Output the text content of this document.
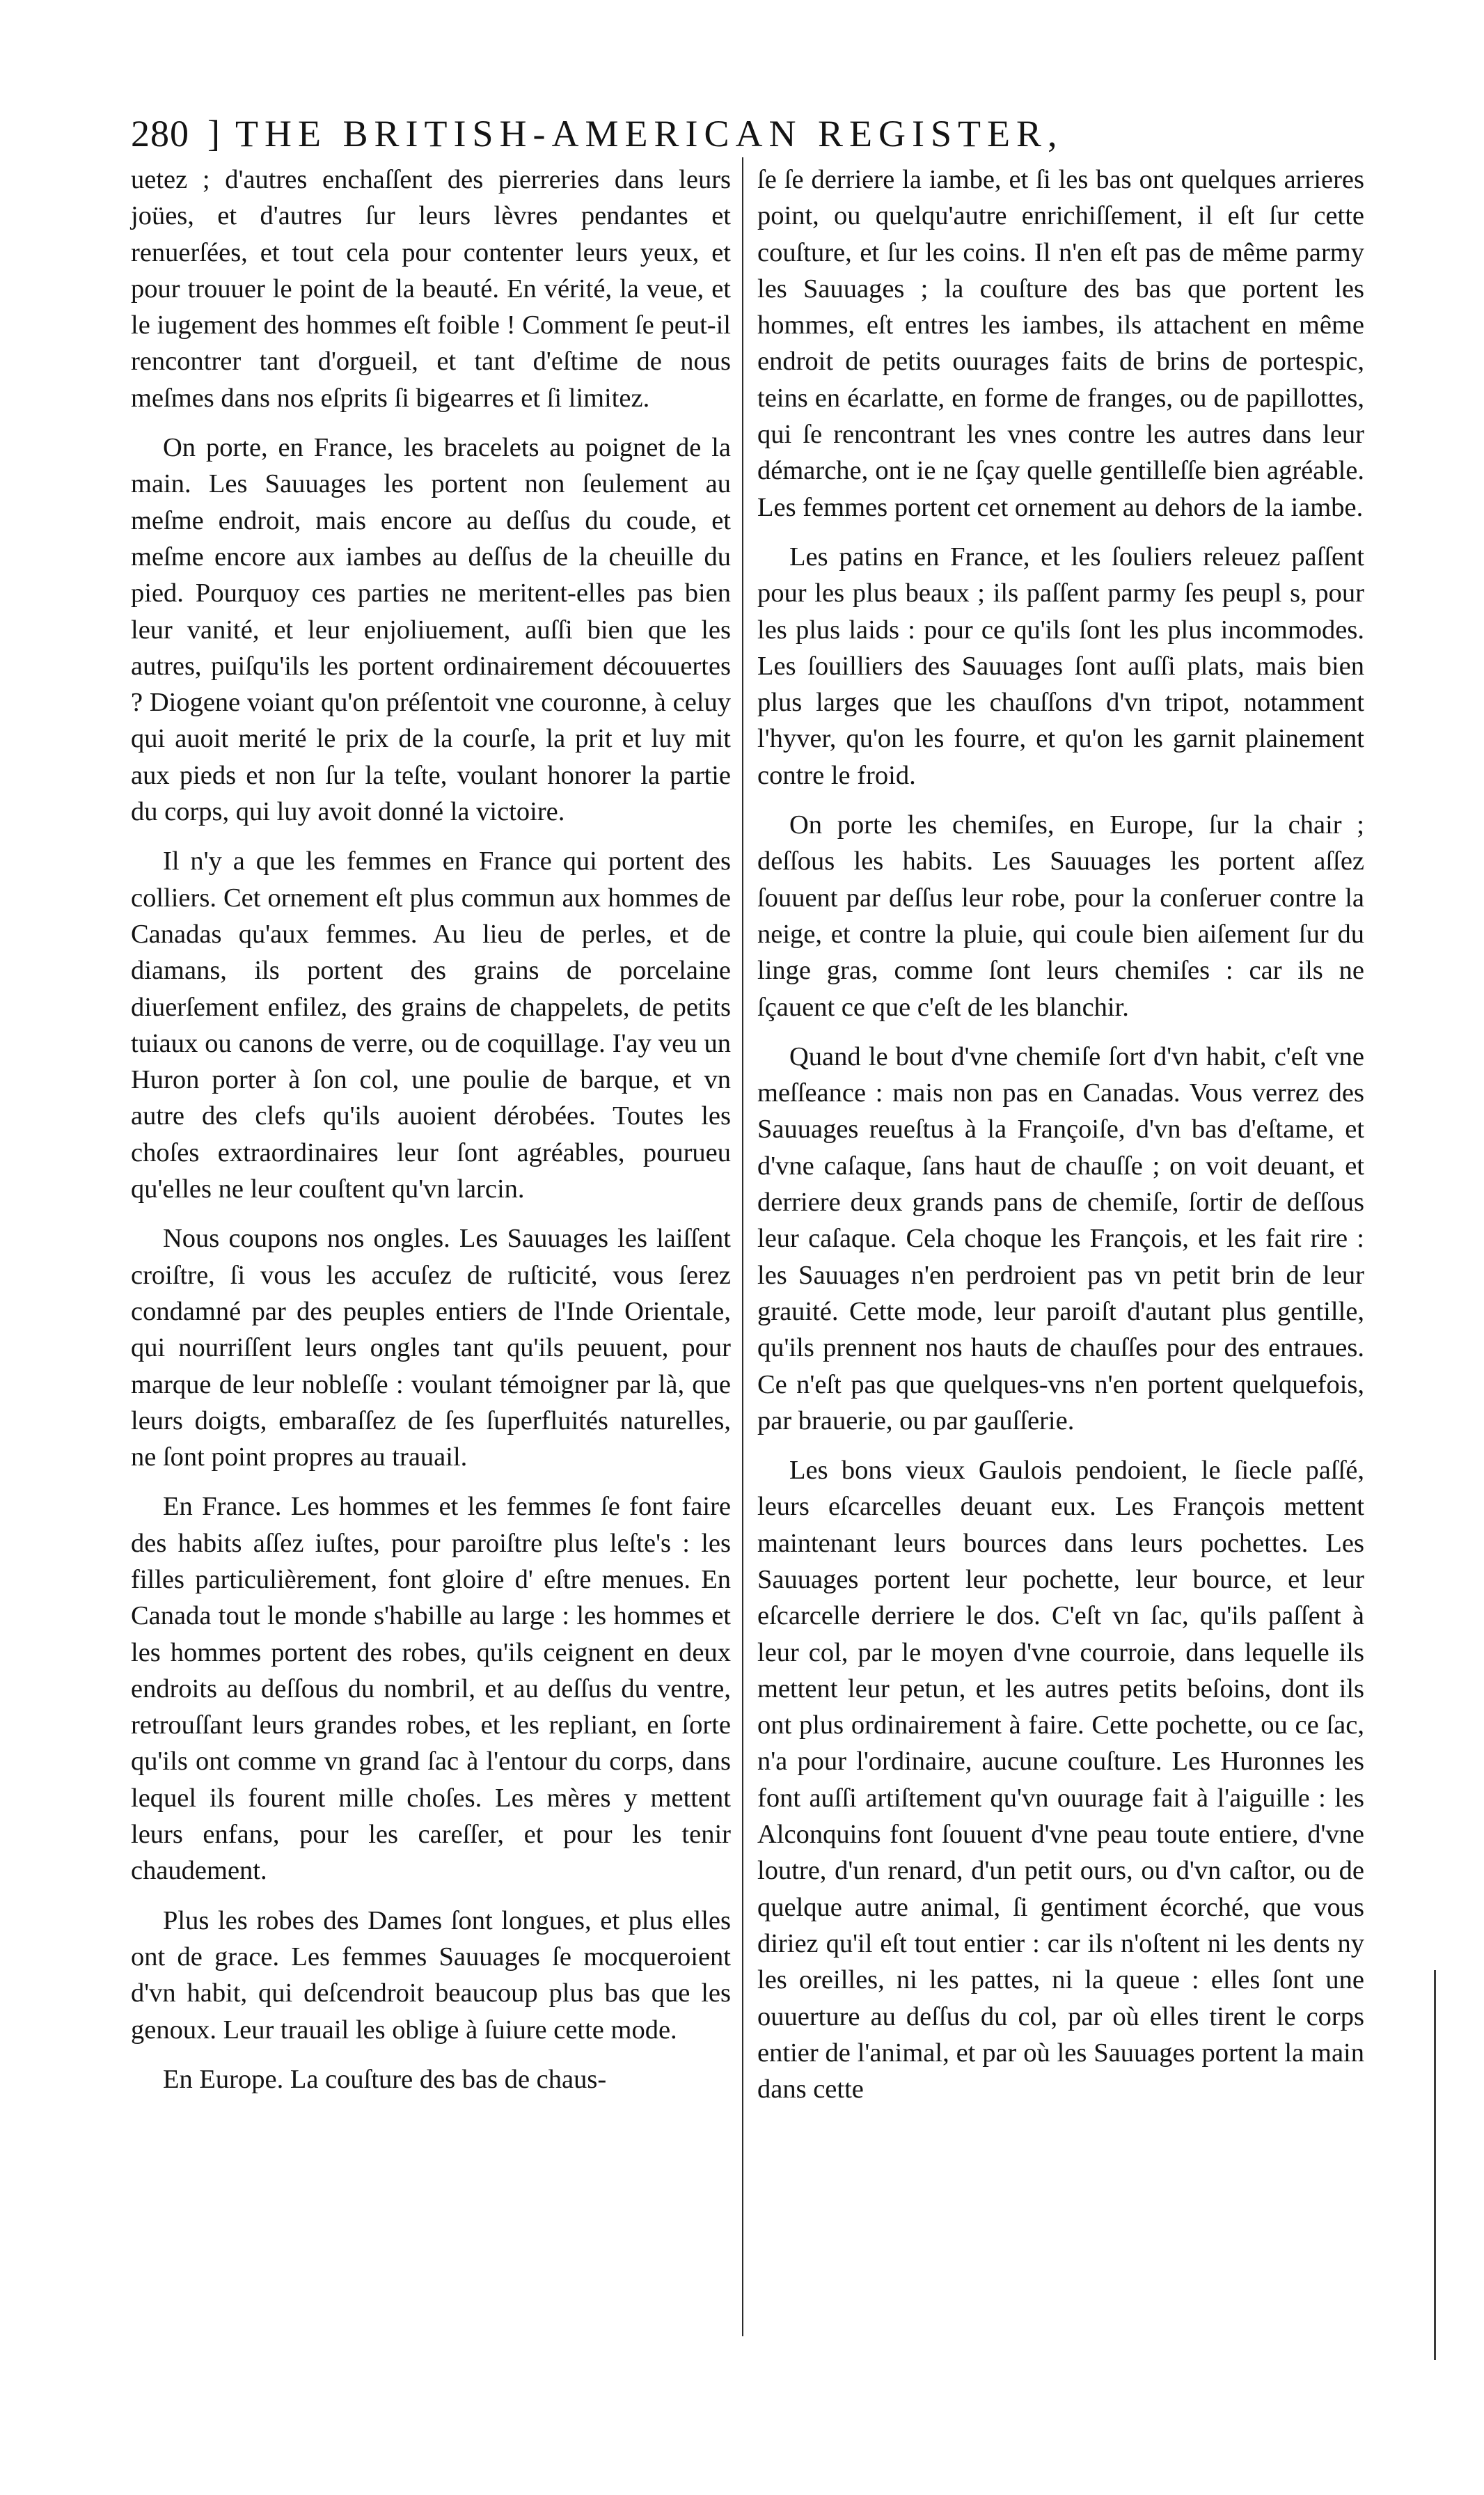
280 ] THE BRITISH-AMERICAN REGISTER,

uetez ; d'autres enchaſſent des pierreries dans leurs joües, et d'autres ſur leurs lèvres pendantes et renuerſées, et tout cela pour contenter leurs yeux, et pour trouuer le point de la beauté. En vérité, la veue, et le iugement des hommes eſt foible ! Comment ſe peut-il rencontrer tant d'orgueil, et tant d'eſtime de nous meſmes dans nos eſprits ſi bigearres et ſi limitez.

On porte, en France, les bracelets au poignet de la main. Les Sauuages les portent non ſeulement au meſme endroit, mais encore au deſſus du coude, et meſme encore aux iambes au deſſus de la cheuille du pied. Pourquoy ces parties ne meritent-elles pas bien leur vanité, et leur enjoliuement, auſſi bien que les autres, puiſqu'ils les portent ordinairement découuertes ? Diogene voiant qu'on préſentoit vne couronne, à celuy qui auoit merité le prix de la courſe, la prit et luy mit aux pieds et non ſur la teſte, voulant honorer la partie du corps, qui luy avoit donné la victoire.

Il n'y a que les femmes en France qui portent des colliers. Cet ornement eſt plus commun aux hommes de Canadas qu'aux femmes. Au lieu de perles, et de diamans, ils portent des grains de porcelaine diuerſement enfilez, des grains de chappelets, de petits tuiaux ou canons de verre, ou de coquillage. I'ay veu un Huron porter à ſon col, une poulie de barque, et vn autre des clefs qu'ils auoient dérobées. Toutes les choſes extraordinaires leur ſont agréables, pourueu qu'elles ne leur couſtent qu'vn larcin.

Nous coupons nos ongles. Les Sauuages les laiſſent croiſtre, ſi vous les accuſez de ruſticité, vous ſerez condamné par des peuples entiers de l'Inde Orientale, qui nourriſſent leurs ongles tant qu'ils peuuent, pour marque de leur nobleſſe : voulant témoigner par là, que leurs doigts, embaraſſez de ſes ſuperfluités naturelles, ne ſont point propres au trauail.

En France. Les hommes et les femmes ſe font faire des habits aſſez iuſtes, pour paroiſtre plus leſte's : les filles particulièrement, font gloire d' eſtre menues. En Canada tout le monde s'habille au large : les hommes et les hommes portent des robes, qu'ils ceignent en deux endroits au deſſous du nombril, et au deſſus du ventre, retrouſſant leurs grandes robes, et les repliant, en ſorte qu'ils ont comme vn grand ſac à l'entour du corps, dans lequel ils fourent mille choſes. Les mères y mettent leurs enfans, pour les careſſer, et pour les tenir chaudement.

Plus les robes des Dames ſont longues, et plus elles ont de grace. Les femmes Sauuages ſe mocqueroient d'vn habit, qui deſcendroit beaucoup plus bas que les genoux. Leur trauail les oblige à ſuiure cette mode.

En Europe. La couſture des bas de chaus-

ſe ſe derriere la iambe, et ſi les bas ont quelques arrieres point, ou quelqu'autre enrichiſſement, il eſt ſur cette couſture, et ſur les coins. Il n'en eſt pas de même parmy les Sauuages ; la couſture des bas que portent les hommes, eſt entres les iambes, ils attachent en même endroit de petits ouurages faits de brins de portespic, teins en écarlatte, en forme de franges, ou de papillottes, qui ſe rencontrant les vnes contre les autres dans leur démarche, ont ie ne ſçay quelle gentilleſſe bien agréable. Les femmes portent cet ornement au dehors de la iambe.

Les patins en France, et les ſouliers releuez paſſent pour les plus beaux ; ils paſſent parmy ſes peupl s, pour les plus laids : pour ce qu'ils ſont les plus incommodes. Les ſouilliers des Sauuages ſont auſſi plats, mais bien plus larges que les chauſſons d'vn tripot, notamment l'hyver, qu'on les fourre, et qu'on les garnit plainement contre le froid.

On porte les chemiſes, en Europe, ſur la chair ; deſſous les habits. Les Sauuages les portent aſſez ſouuent par deſſus leur robe, pour la conſeruer contre la neige, et contre la pluie, qui coule bien aiſement ſur du linge gras, comme ſont leurs chemiſes : car ils ne ſçauent ce que c'eſt de les blanchir.

Quand le bout d'vne chemiſe ſort d'vn habit, c'eſt vne meſſeance : mais non pas en Canadas. Vous verrez des Sauuages reueſtus à la Françoiſe, d'vn bas d'eſtame, et d'vne caſaque, ſans haut de chauſſe ; on voit deuant, et derriere deux grands pans de chemiſe, ſortir de deſſous leur caſaque. Cela choque les François, et les fait rire : les Sauuages n'en perdroient pas vn petit brin de leur grauité. Cette mode, leur paroiſt d'autant plus gentille, qu'ils prennent nos hauts de chauſſes pour des entraues. Ce n'eſt pas que quelques-vns n'en portent quelquefois, par brauerie, ou par gauſſerie.

Les bons vieux Gaulois pendoient, le ſiecle paſſé, leurs eſcarcelles deuant eux. Les François mettent maintenant leurs bources dans leurs pochettes. Les Sauuages portent leur pochette, leur bource, et leur eſcarcelle derriere le dos. C'eſt vn ſac, qu'ils paſſent à leur col, par le moyen d'vne courroie, dans lequelle ils mettent leur petun, et les autres petits beſoins, dont ils ont plus ordinairement à faire. Cette pochette, ou ce ſac, n'a pour l'ordinaire, aucune couſture. Les Huronnes les font auſſi artiſtement qu'vn ouurage fait à l'aiguille : les Alconquins font ſouuent d'vne peau toute entiere, d'vne loutre, d'un renard, d'un petit ours, ou d'vn caſtor, ou de quelque autre animal, ſi gentiment écorché, que vous diriez qu'il eſt tout entier : car ils n'oſtent ni les dents ny les oreilles, ni les pattes, ni la queue : elles ſont une ouuerture au deſſus du col, par où elles tirent le corps entier de l'animal, et par où les Sauuages portent la main dans cette
